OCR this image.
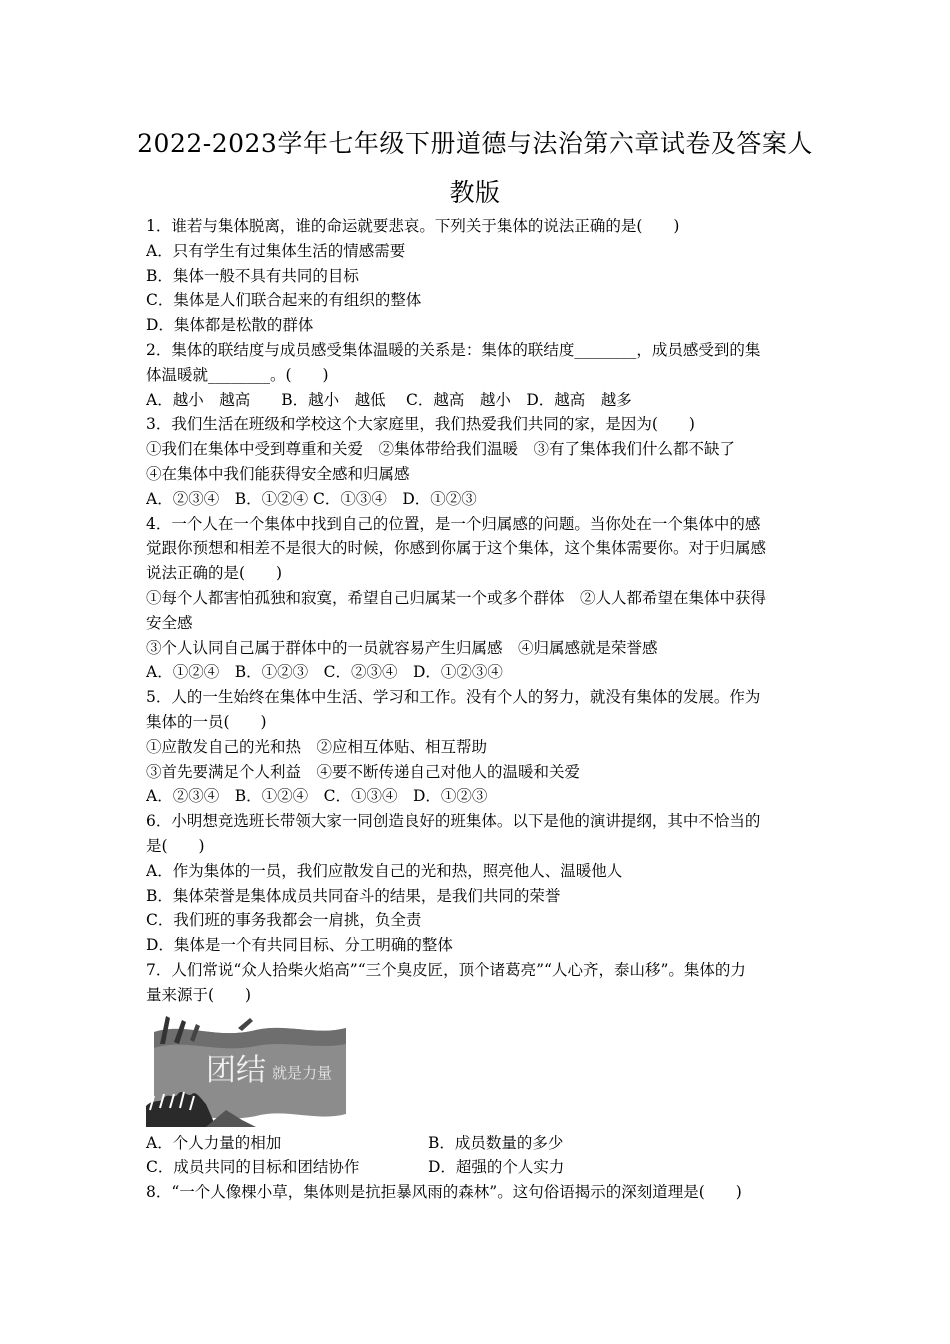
2022-2023学年七年级下册道德与法治第六章试卷及答案人
教版
1．谁若与集体脱离，谁的命运就要悲哀。下列关于集体的说法正确的是(　　)
A．只有学生有过集体生活的情感需要
B．集体一般不具有共同的目标
C．集体是人们联合起来的有组织的整体
D．集体都是松散的群体
2．集体的联结度与成员感受集体温暖的关系是：集体的联结度________，成员感受到的集
体温暖就________。(　　)
A．越小　越高　　B．越小　越低　 C．越高　越小　D．越高　越多
3．我们生活在班级和学校这个大家庭里，我们热爱我们共同的家，是因为(　　)
①我们在集体中受到尊重和关爱　②集体带给我们温暖　③有了集体我们什么都不缺了
④在集体中我们能获得安全感和归属感
A．②③④　B．①②④ C．①③④　D．①②③
4．一个人在一个集体中找到自己的位置，是一个归属感的问题。当你处在一个集体中的感
觉跟你预想和相差不是很大的时候，你感到你属于这个集体，这个集体需要你。对于归属感
说法正确的是(　　)
①每个人都害怕孤独和寂寞，希望自己归属某一个或多个群体　②人人都希望在集体中获得
安全感
③个人认同自己属于群体中的一员就容易产生归属感　④归属感就是荣誉感
A．①②④　B．①②③　C．②③④　D．①②③④
5．人的一生始终在集体中生活、学习和工作。没有个人的努力，就没有集体的发展。作为
集体的一员(　　)
①应散发自己的光和热　②应相互体贴、相互帮助
③首先要满足个人利益　④要不断传递自己对他人的温暖和关爱
A．②③④　B．①②④　C．①③④　D．①②③
6．小明想竞选班长带领大家一同创造良好的班集体。以下是他的演讲提纲，其中不恰当的
是(　　)
A．作为集体的一员，我们应散发自己的光和热，照亮他人、温暖他人
B．集体荣誉是集体成员共同奋斗的结果，是我们共同的荣誉
C．我们班的事务我都会一肩挑，负全责
D．集体是一个有共同目标、分工明确的整体
7．人们常说“众人拾柴火焰高”“三个臭皮匠，顶个诸葛亮”“人心齐，泰山移”。集体的力
量来源于(　　)
团结 就是力量
A．个人力量的相加	B．成员数量的多少
C．成员共同的目标和团结协作	D．超强的个人实力
8．“一个人像棵小草，集体则是抗拒暴风雨的森林”。这句俗语揭示的深刻道理是(　　)
